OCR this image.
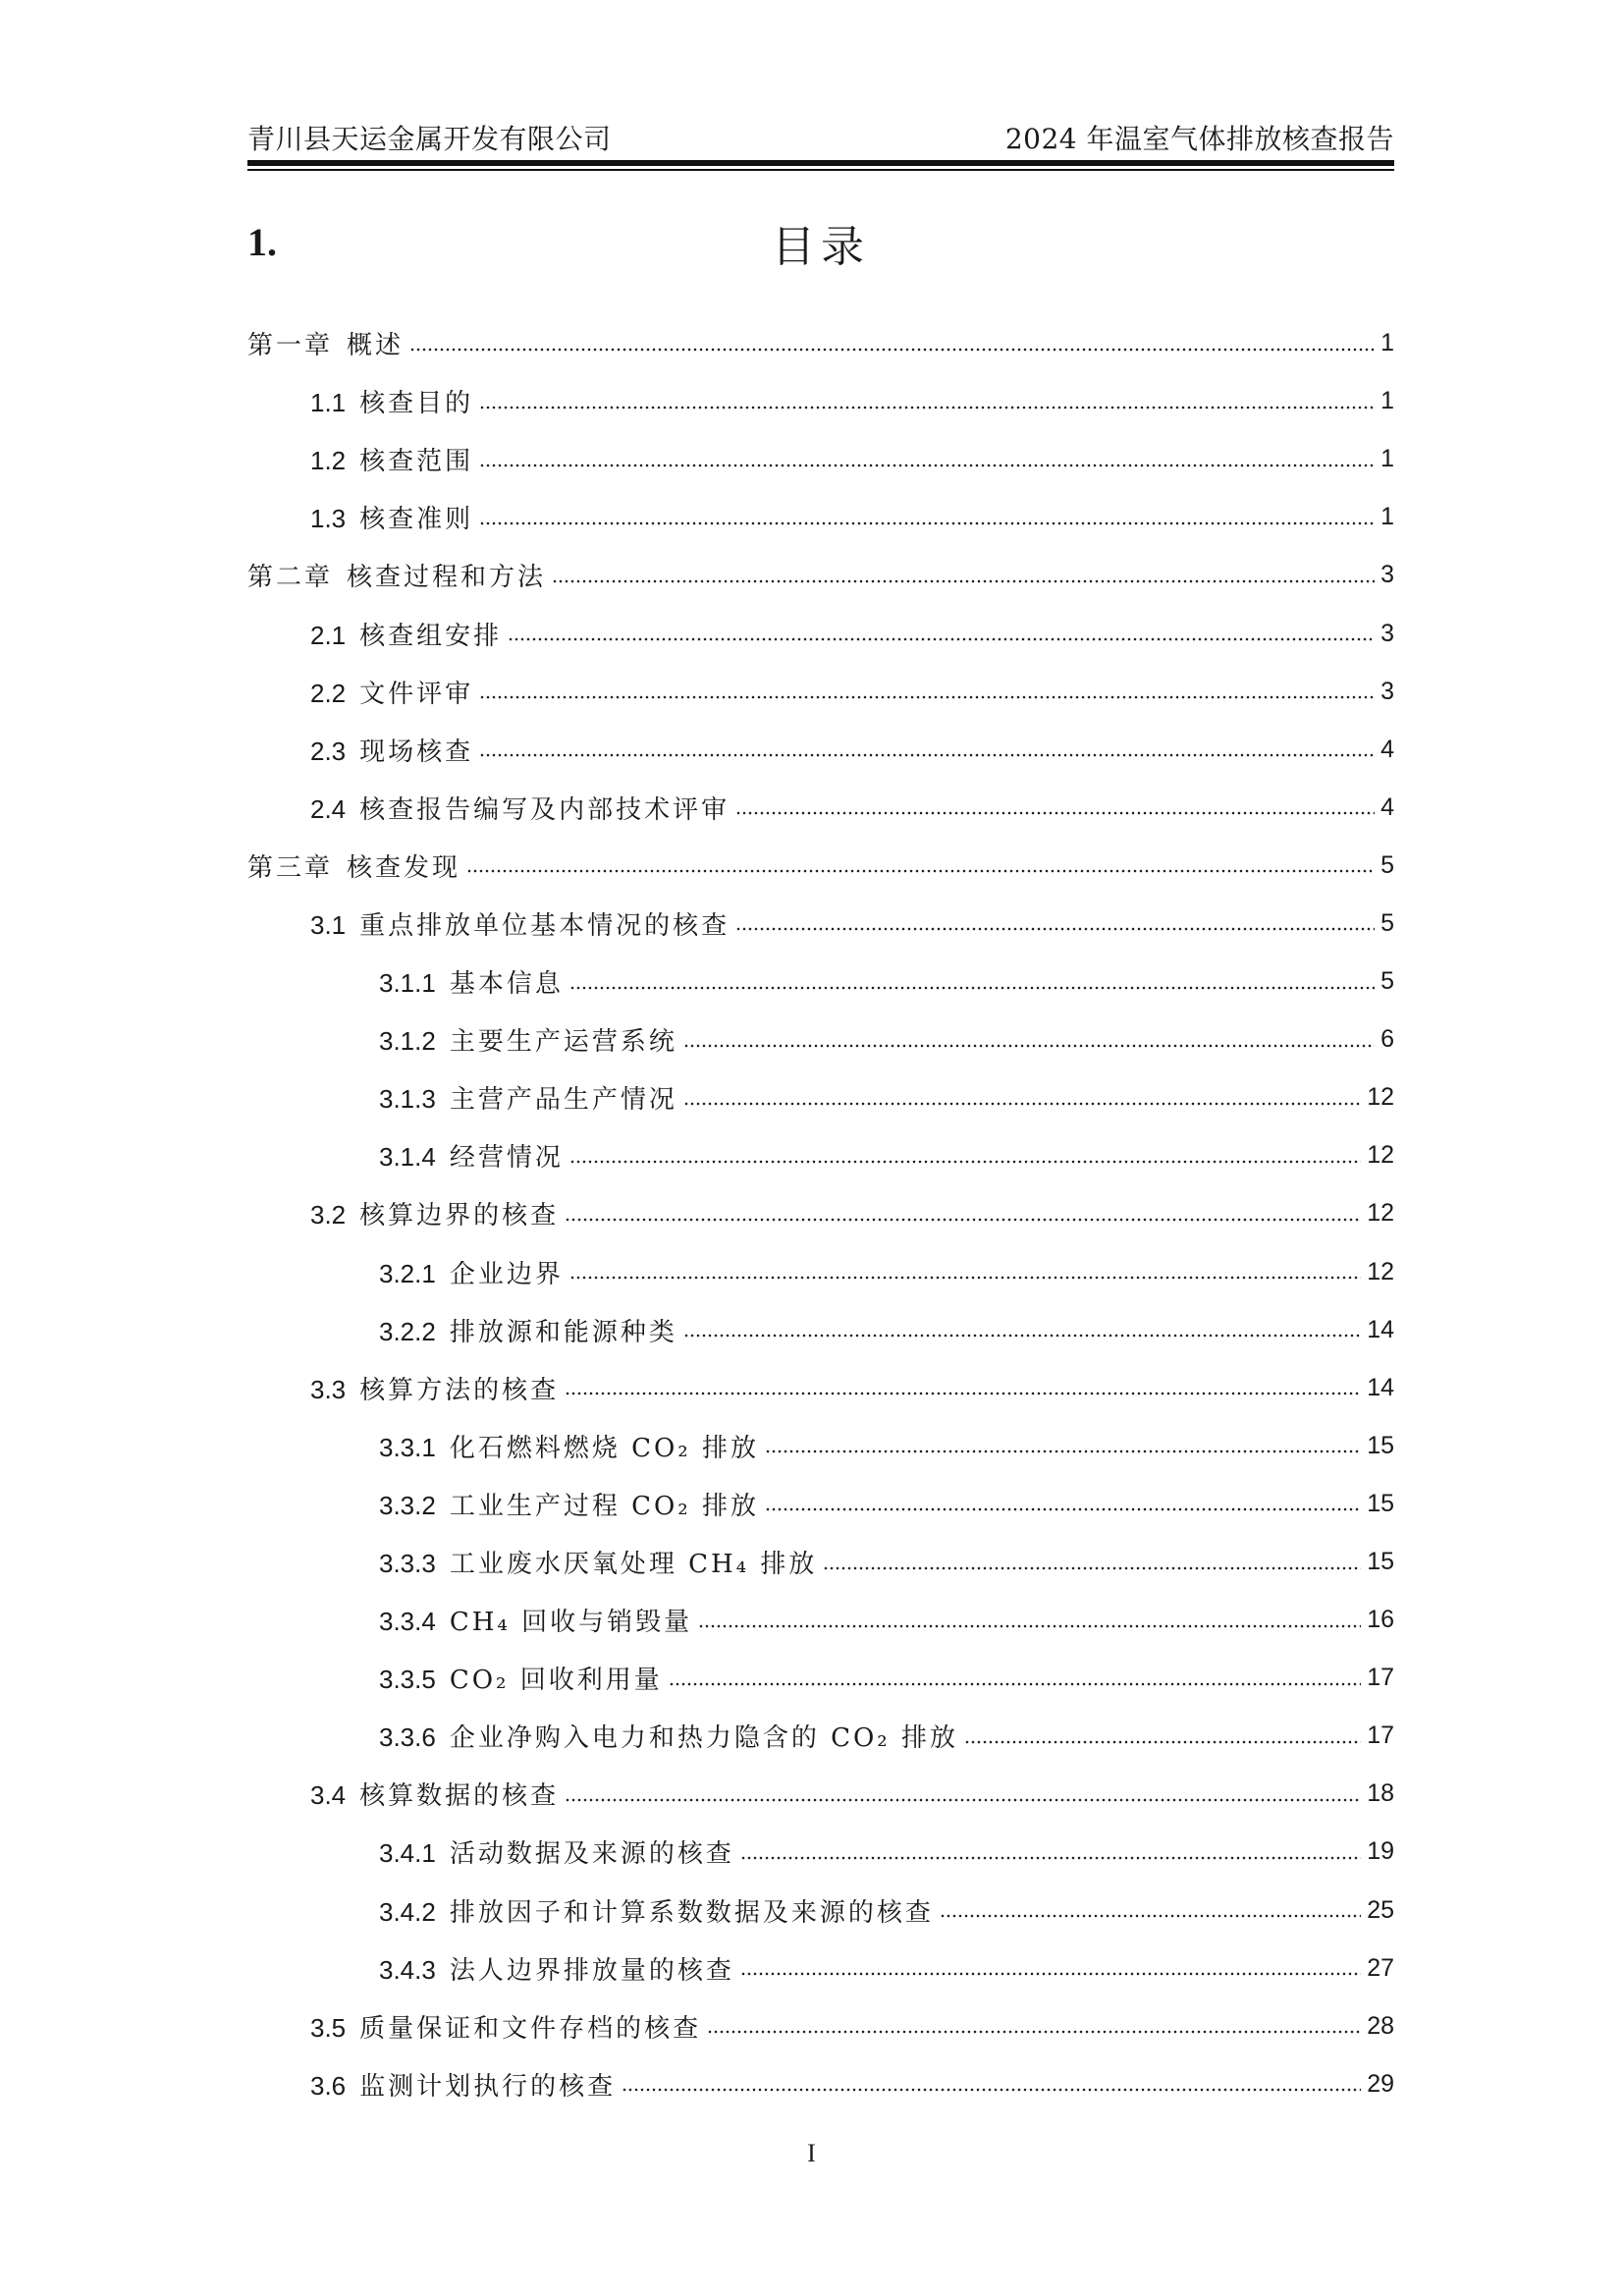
青川县天运金属开发有限公司	2024 年温室气体排放核查报告
1.	目录
第一章 概述	1
1.1 核查目的	1
1.2 核查范围	1
1.3 核查准则	1
第二章 核查过程和方法	3
2.1 核查组安排	3
2.2 文件评审	3
2.3 现场核查	4
2.4 核查报告编写及内部技术评审	4
第三章 核查发现	5
3.1 重点排放单位基本情况的核查	5
3.1.1 基本信息	5
3.1.2 主要生产运营系统	6
3.1.3 主营产品生产情况	12
3.1.4 经营情况	12
3.2 核算边界的核查	12
3.2.1 企业边界	12
3.2.2 排放源和能源种类	14
3.3 核算方法的核查	14
3.3.1 化石燃料燃烧 CO₂ 排放	15
3.3.2 工业生产过程 CO₂ 排放	15
3.3.3 工业废水厌氧处理 CH₄ 排放	15
3.3.4 CH₄ 回收与销毁量	16
3.3.5 CO₂ 回收利用量	17
3.3.6 企业净购入电力和热力隐含的 CO₂ 排放	17
3.4 核算数据的核查	18
3.4.1 活动数据及来源的核查	19
3.4.2 排放因子和计算系数数据及来源的核查	25
3.4.3 法人边界排放量的核查	27
3.5 质量保证和文件存档的核查	28
3.6 监测计划执行的核查	29
I
